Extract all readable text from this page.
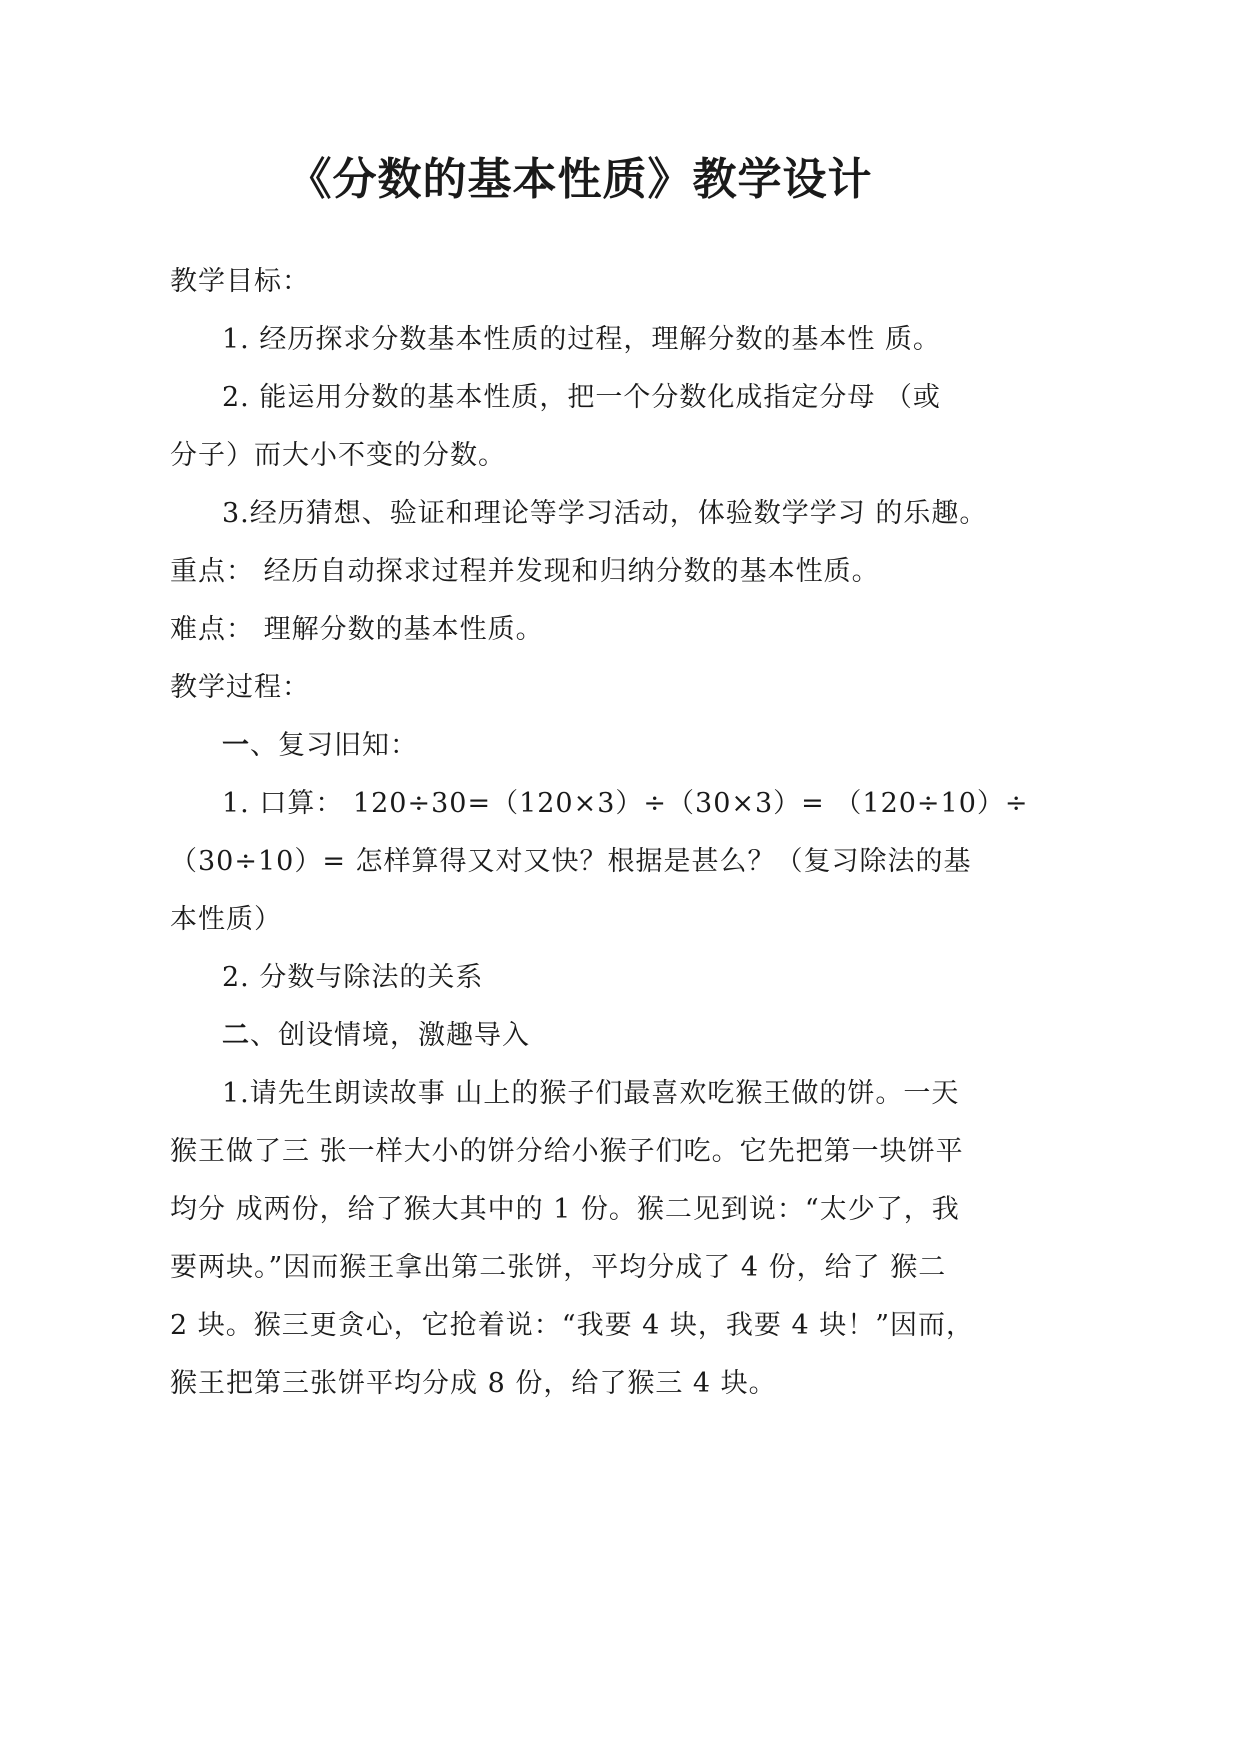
《分数的基本性质》教学设计
教学目标：
1. 经历探求分数基本性质的过程，理解分数的基本性 质。
2. 能运用分数的基本性质，把一个分数化成指定分母 （或
分子）而大小不变的分数。
3.经历猜想、验证和理论等学习活动，体验数学学习 的乐趣。
重点： 经历自动探求过程并发现和归纳分数的基本性质。
难点： 理解分数的基本性质。
教学过程：
一、复习旧知：
1. 口算： 120÷30=（120×3）÷（30×3）= （120÷10）÷
（30÷10）= 怎样算得又对又快？根据是甚么？（复习除法的基
本性质）
2. 分数与除法的关系
二、创设情境，激趣导入
1.请先生朗读故事 山上的猴子们最喜欢吃猴王做的饼。一天
猴王做了三 张一样大小的饼分给小猴子们吃。它先把第一块饼平
均分 成两份，给了猴大其中的 1 份。猴二见到说：“太少了，我
要两块。”因而猴王拿出第二张饼，平均分成了 4 份，给了 猴二
2 块。猴三更贪心，它抢着说：“我要 4 块，我要 4 块！”因而，
猴王把第三张饼平均分成 8 份，给了猴三 4 块。
